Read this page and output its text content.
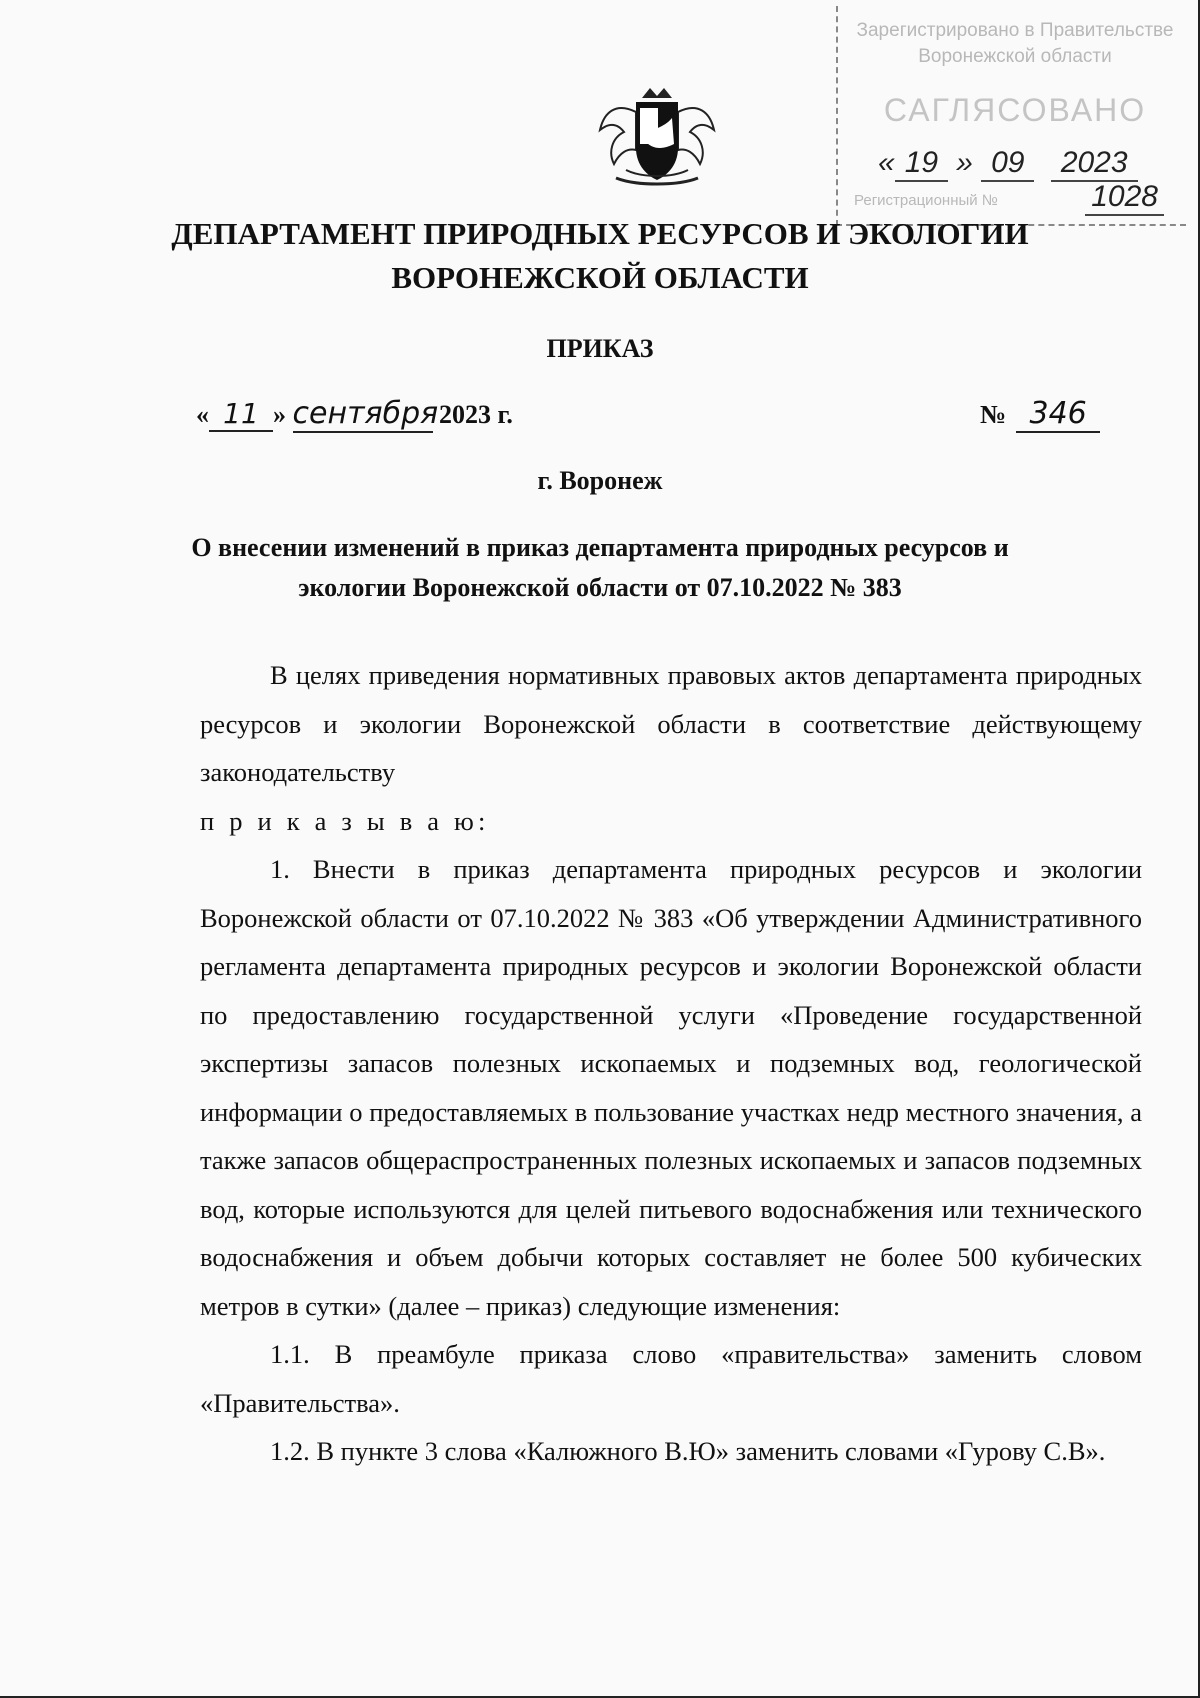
Зарегистрировано в Правительстве
Воронежской области
САГЛЯСОВАНО
« 19 » 09 2023
Регистрационный №	1028
ДЕПАРТАМЕНТ ПРИРОДНЫХ РЕСУРСОВ И ЭКОЛОГИИ
ВОРОНЕЖСКОЙ ОБЛАСТИ
ПРИКАЗ
« 11 » сентября 2023 г.	№ 346
г. Воронеж
О внесении изменений в приказ департамента природных ресурсов и
экологии Воронежской области от 07.10.2022 № 383

В целях приведения нормативных правовых актов департамента природных ресурсов и экологии Воронежской области в соответствие действующему законодательству

п р и к а з ы в а ю:

1. Внести в приказ департамента природных ресурсов и экологии Воронежской области от 07.10.2022 № 383 «Об утверждении Административного регламента департамента природных ресурсов и экологии Воронежской области по предоставлению государственной услуги «Проведение государственной экспертизы запасов полезных ископаемых и подземных вод, геологической информации о предоставляемых в пользование участках недр местного значения, а также запасов общераспространенных полезных ископаемых и запасов подземных вод, которые используются для целей питьевого водоснабжения или технического водоснабжения и объем добычи которых составляет не более 500 кубических метров в сутки» (далее – приказ) следующие изменения:

1.1. В преамбуле приказа слово «правительства» заменить словом «Правительства».

1.2. В пункте 3 слова «Калюжного В.Ю» заменить словами «Гурову С.В».
